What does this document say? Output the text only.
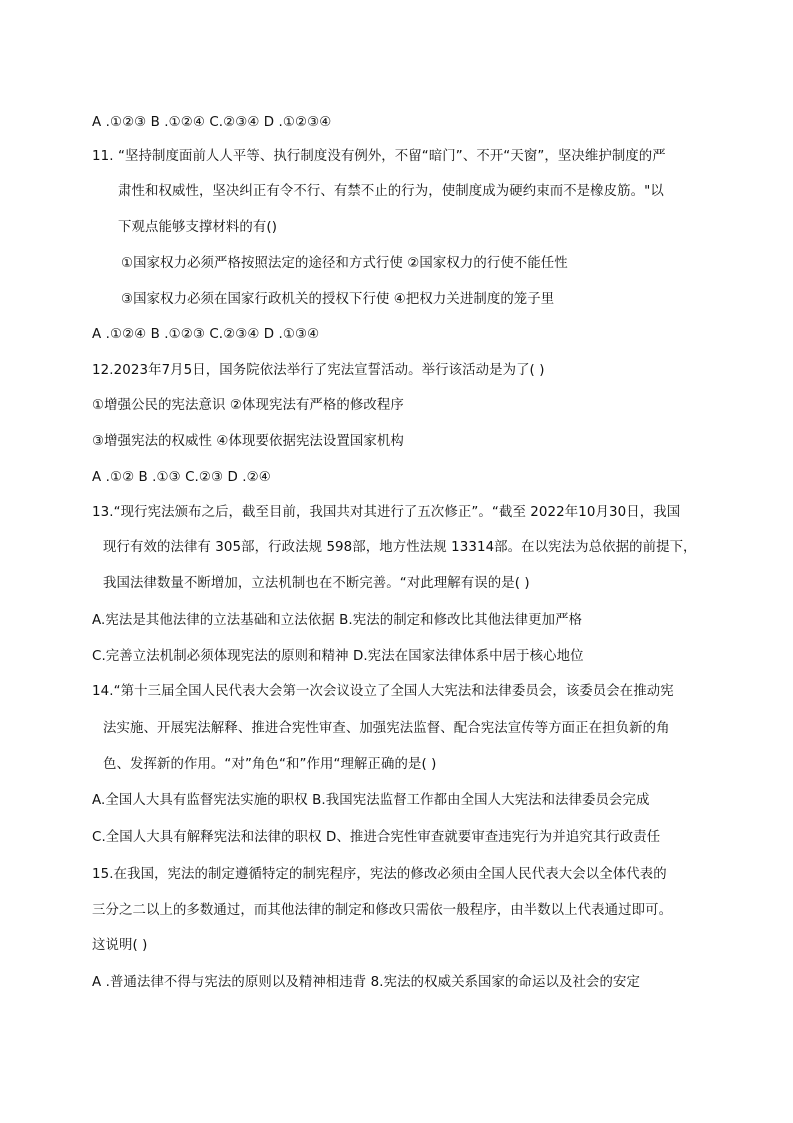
A .①②③ B .①②④ C.②③④ D .①②③④
11. “坚持制度面前人人平等、执行制度没有例外，不留“暗门”、不开“天窗”，坚决维护制度的严
肃性和权威性，坚决纠正有令不行、有禁不止的行为，使制度成为硬约束而不是橡皮筋。"以
下观点能够支撑材料的有()
①国家权力必须严格按照法定的途径和方式行使 ②国家权力的行使不能任性
③国家权力必须在国家行政机关的授权下行使 ④把权力关进制度的笼子里
A .①②④ B .①②③ C.②③④ D .①③④
12.2023年7月5日，国务院依法举行了宪法宣誓活动。举行该活动是为了( )
①增强公民的宪法意识 ②体现宪法有严格的修改程序
③增强宪法的权威性 ④体现要依据宪法设置国家机构
A .①② B .①③ C.②③ D .②④
13.“现行宪法颁布之后，截至目前，我国共对其进行了五次修正”。“截至 2022年10月30日，我国
现行有效的法律有 305部，行政法规 598部，地方性法规 13314部。在以宪法为总依据的前提下，
我国法律数量不断增加，立法机制也在不断完善。“对此理解有误的是( )
A.宪法是其他法律的立法基础和立法依据 B.宪法的制定和修改比其他法律更加严格
C.完善立法机制必须体现宪法的原则和精神 D.宪法在国家法律体系中居于核心地位
14.“第十三届全国人民代表大会第一次会议设立了全国人大宪法和法律委员会，该委员会在推动宪
法实施、开展宪法解释、推进合宪性审查、加强宪法监督、配合宪法宣传等方面正在担负新的角
色、发挥新的作用。“对”角色“和”作用“理解正确的是( )
A.全国人大具有监督宪法实施的职权 B.我国宪法监督工作都由全国人大宪法和法律委员会完成
C.全国人大具有解释宪法和法律的职权 D、推进合宪性审查就要审查违宪行为并追究其行政责任
15.在我国，宪法的制定遵循特定的制宪程序，宪法的修改必须由全国人民代表大会以全体代表的
三分之二以上的多数通过，而其他法律的制定和修改只需依一般程序，由半数以上代表通过即可。
这说明( )
A .普通法律不得与宪法的原则以及精神相违背 8.宪法的权威关系国家的命运以及社会的安定
